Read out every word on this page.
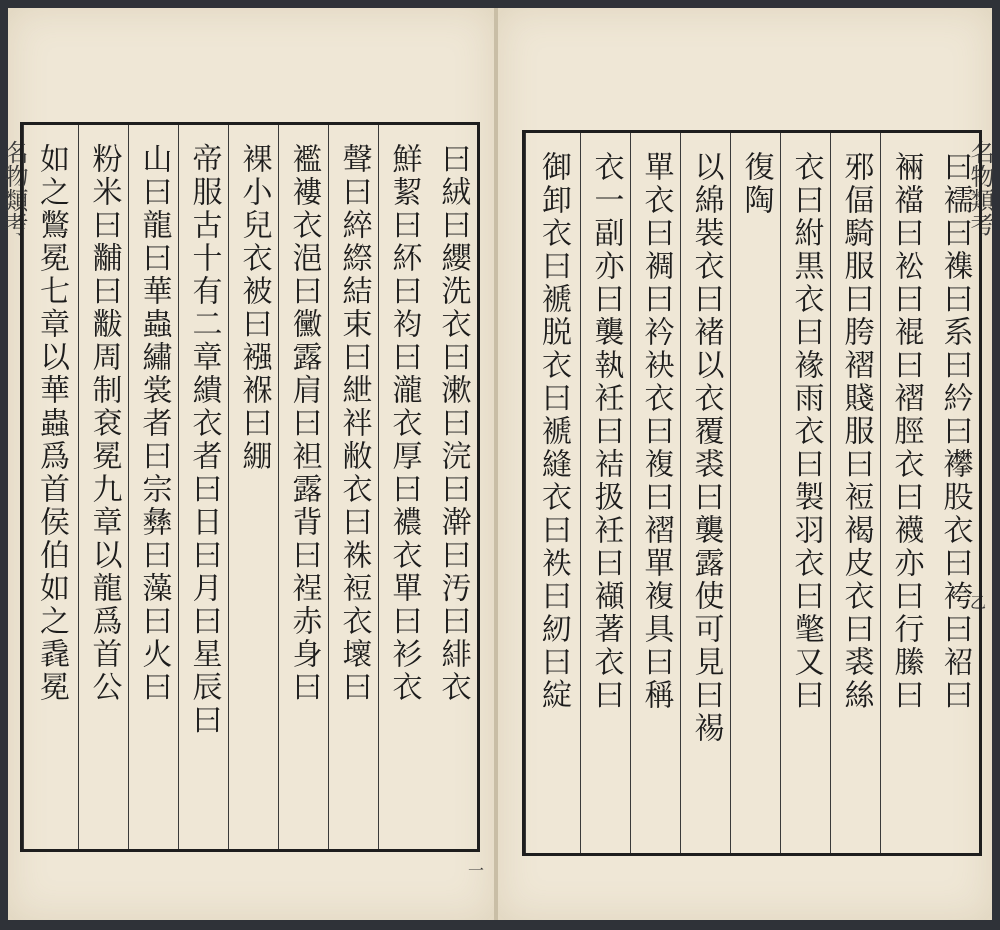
名物類考	名物類考
一
乙
曰絨曰纓洗衣曰漱曰浣曰澣曰汚曰緋衣
鮮絜曰紑曰袀曰瀧衣厚曰襛衣單曰衫衣
聲曰綷縩結束曰紲袢敝衣曰袾裋衣壞曰
襤褸衣浥曰黴露肩曰袒露背曰裎赤身曰
裸小兒衣被曰襁褓曰綳
帝服古十有二章繢衣者曰日曰月曰星辰曰
山曰龍曰華蟲繡裳者曰宗彝曰藻曰火曰
粉米曰黼曰黻周制袞冕九章以龍爲首公
如之鷩冕七章以華蟲爲首侯伯如之毳冕	曰襦曰襍曰系曰紟曰襻股衣曰袴曰袑曰
裲襠曰衳曰裩曰褶脛衣曰襪亦曰行縢曰
邪偪騎服曰胯褶賤服曰裋褐皮衣曰裘絲
衣曰紨黒衣曰褖雨衣曰製羽衣曰氅又曰
復陶
以綿裝衣曰褚以衣覆裘曰襲露使可見曰裼
單衣曰裯曰衿袂衣曰複曰褶單複具曰稱
衣一副亦曰襲執衽曰袺扱衽曰襭著衣曰
御卸衣曰褫脱衣曰褫縫衣曰袟曰紉曰綻
